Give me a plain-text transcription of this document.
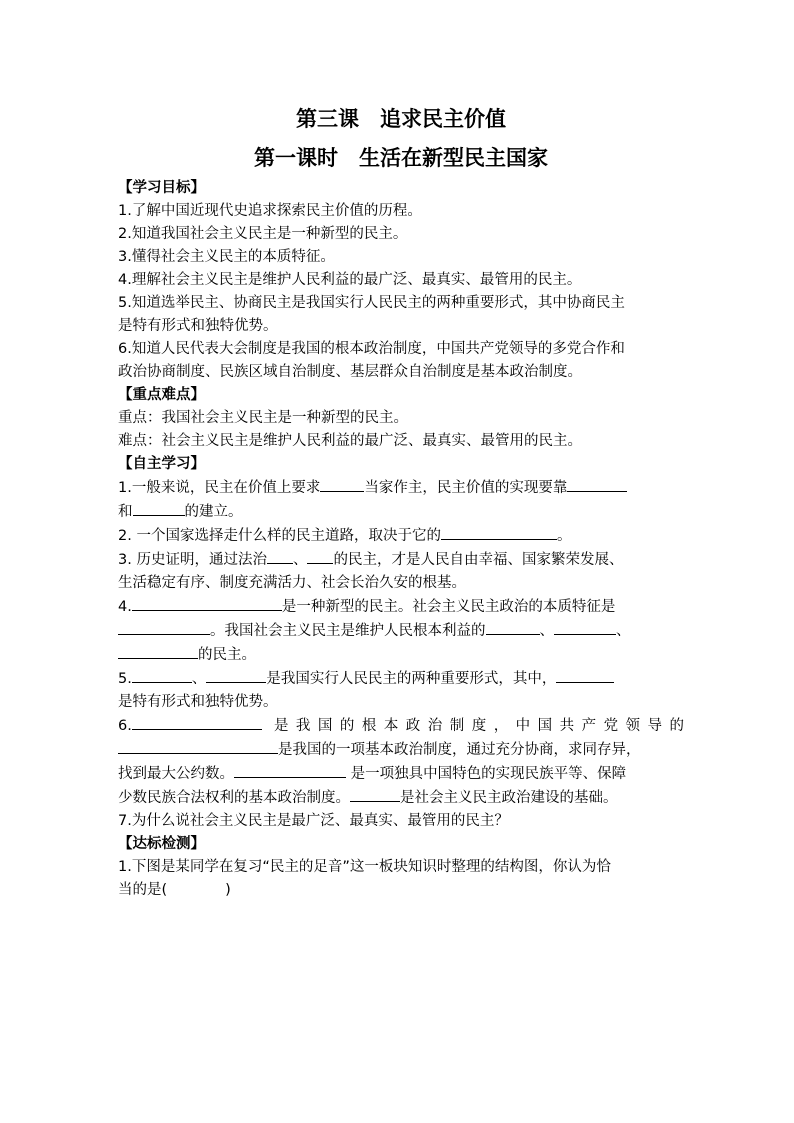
第三课　追求民主价值

第一课时　生活在新型民主国家

【学习目标】

1.了解中国近现代史追求探索民主价值的历程。

2.知道我国社会主义民主是一种新型的民主。

3.懂得社会主义民主的本质特征。

4.理解社会主义民主是维护人民利益的最广泛、最真实、最管用的民主。

5.知道选举民主、协商民主是我国实行人民民主的两种重要形式，其中协商民主

是特有形式和独特优势。

6.知道人民代表大会制度是我国的根本政治制度，中国共产党领导的多党合作和

政治协商制度、民族区域自治制度、基层群众自治制度是基本政治制度。

【重点难点】

重点：我国社会主义民主是一种新型的民主。

难点：社会主义民主是维护人民利益的最广泛、最真实、最管用的民主。

【自主学习】

1.一般来说，民主在价值上要求	当家作主，民主价值的实现要靠

和	的建立。

2. 一个国家选择走什么样的民主道路，取决于它的	。

3. 历史证明，通过法治 、 的民主，才是人民自由幸福、国家繁荣发展、

生活稳定有序、制度充满活力、社会长治久安的根基。

4.	是一种新型的民主。社会主义民主政治的本质特征是

。我国社会主义民主是维护人民根本利益的	、	、

的民主。

5.	、	是我国实行人民民主的两种重要形式，其中，

是特有形式和独特优势。

6.	是我国的根本政治制度，中国共产党领导的

是我国的一项基本政治制度，通过充分协商，求同存异，

找到最大公约数。	是一项独具中国特色的实现民族平等、保障

少数民族合法权利的基本政治制度。	是社会主义民主政治建设的基础。

7.为什么说社会主义民主是最广泛、最真实、最管用的民主？

【达标检测】

1.下图是某同学在复习“民主的足音”这一板块知识时整理的结构图，你认为恰

当的是(　　　　)
